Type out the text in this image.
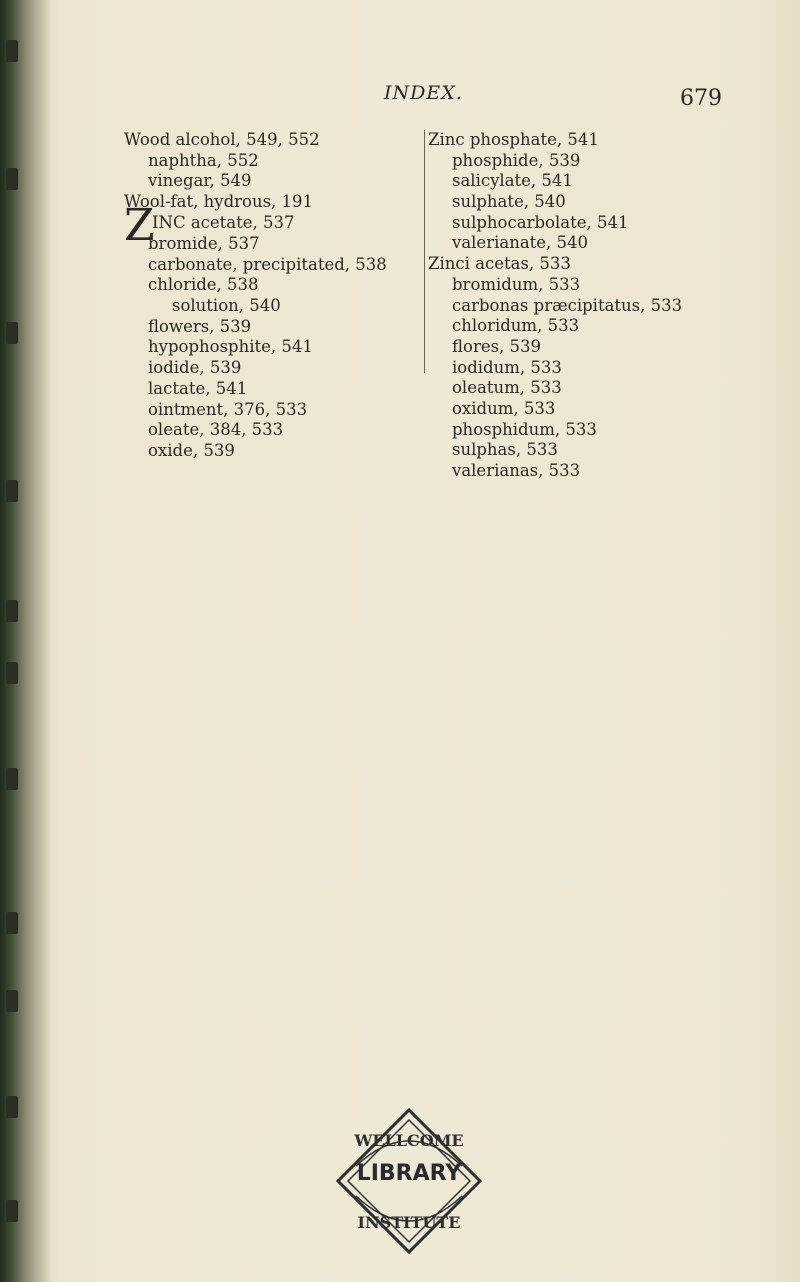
INDEX.	679
Wood alcohol, 549, 552
naphtha, 552
vinegar, 549
Wool-fat, hydrous, 191
Z
INC acetate, 537
bromide, 537
carbonate, precipitated, 538
chloride, 538
solution, 540
flowers, 539
hypophosphite, 541
iodide, 539
lactate, 541
ointment, 376, 533
oleate, 384, 533
oxide, 539
Zinc phosphate, 541
phosphide, 539
salicylate, 541
sulphate, 540
sulphocarbolate, 541
valerianate, 540
Zinci acetas, 533
bromidum, 533
carbonas præcipitatus, 533
chloridum, 533
flores, 539
iodidum, 533
oleatum, 533
oxidum, 533
phosphidum, 533
sulphas, 533
valerianas, 533
WELLCOME
INSTITUTE
LIBRARY
